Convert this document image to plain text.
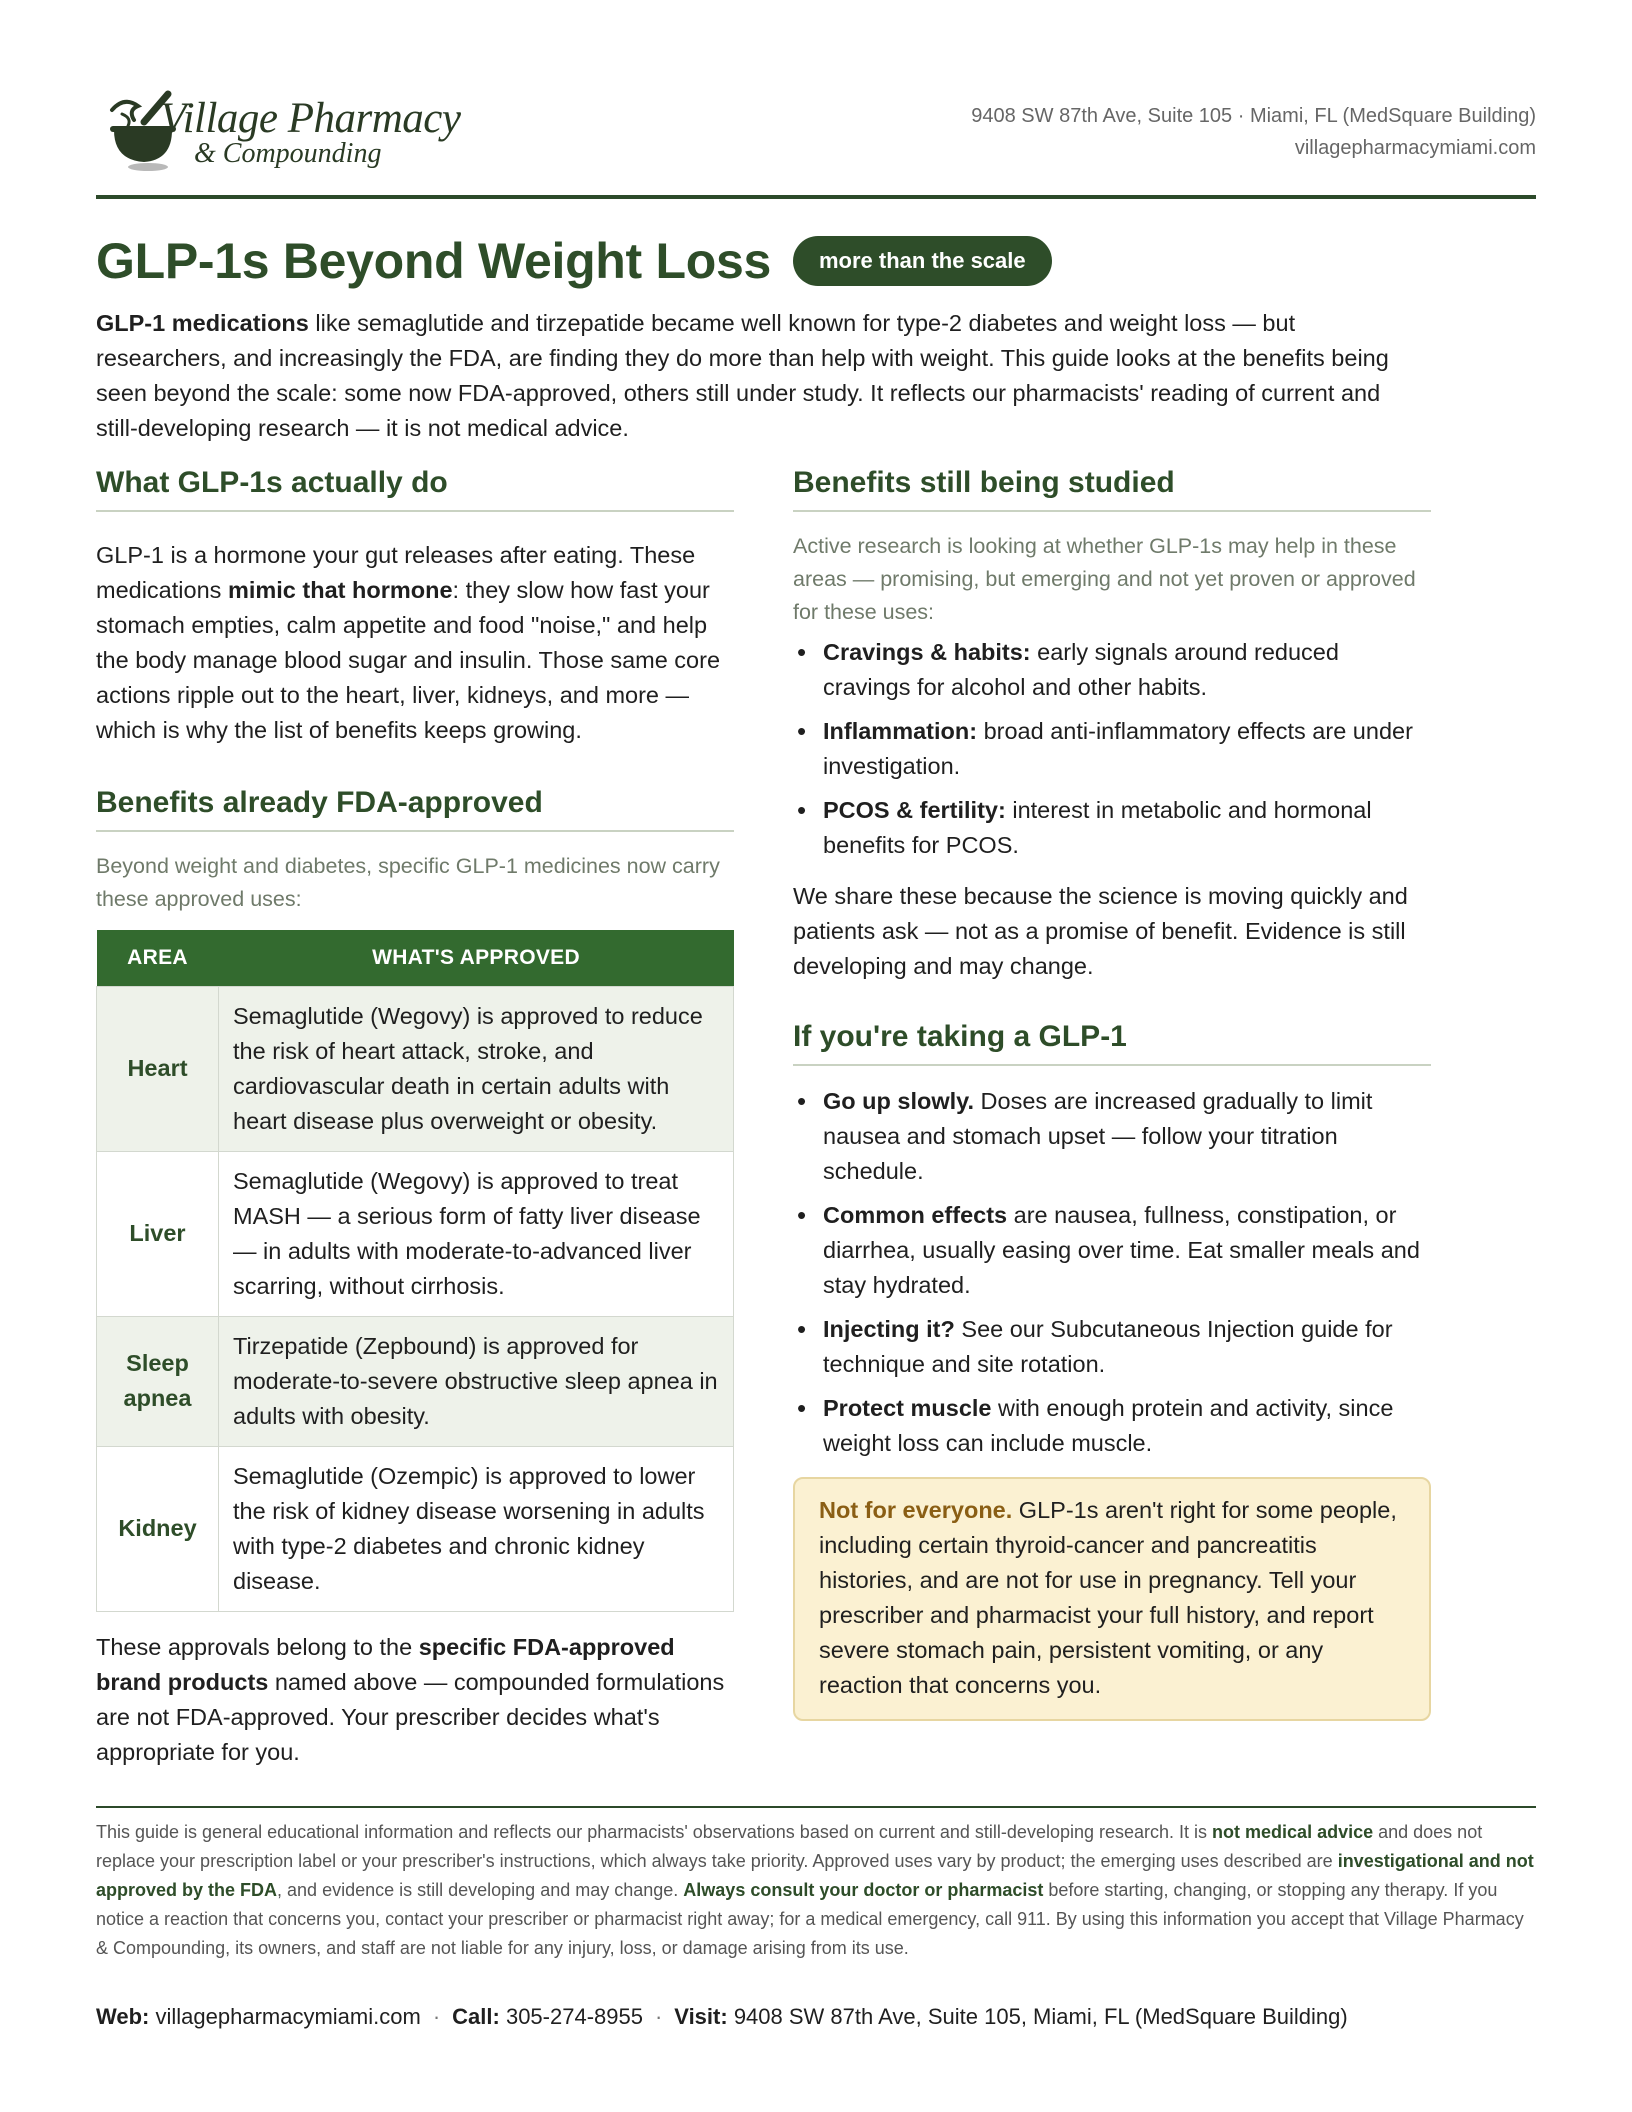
Village Pharmacy
& Compounding
9408 SW 87th Ave, Suite 105 · Miami, FL (MedSquare Building)
villagepharmacymiami.com
GLP-1s Beyond Weight Loss	more than the scale

GLP-1 medications like semaglutide and tirzepatide became well known for type-2 diabetes and weight loss — but researchers, and increasingly the FDA, are finding they do more than help with weight. This guide looks at the benefits being seen beyond the scale: some now FDA-approved, others still under study. It reflects our pharmacists' reading of current and still-developing research — it is not medical advice.

What GLP-1s actually do

GLP-1 is a hormone your gut releases after eating. These medications mimic that hormone: they slow how fast your stomach empties, calm appetite and food "noise," and help the body manage blood sugar and insulin. Those same core actions ripple out to the heart, liver, kidneys, and more — which is why the list of benefits keeps growing.

Benefits already FDA-approved

Beyond weight and diabetes, specific GLP-1 medicines now carry these approved uses:

AREA	WHAT'S APPROVED
Heart	Semaglutide (Wegovy) is approved to reduce the risk of heart attack, stroke, and cardiovascular death in certain adults with heart disease plus overweight or obesity.
Liver	Semaglutide (Wegovy) is approved to treat MASH — a serious form of fatty liver disease — in adults with moderate-to-advanced liver scarring, without cirrhosis.
Sleep apnea	Tirzepatide (Zepbound) is approved for moderate-to-severe obstructive sleep apnea in adults with obesity.
Kidney	Semaglutide (Ozempic) is approved to lower the risk of kidney disease worsening in adults with type-2 diabetes and chronic kidney disease.

These approvals belong to the specific FDA-approved brand products named above — compounded formulations are not FDA-approved. Your prescriber decides what's appropriate for you.

Benefits still being studied

Active research is looking at whether GLP-1s may help in these areas — promising, but emerging and not yet proven or approved for these uses:

• Cravings & habits: early signals around reduced cravings for alcohol and other habits.
• Inflammation: broad anti-inflammatory effects are under investigation.
• PCOS & fertility: interest in metabolic and hormonal benefits for PCOS.

We share these because the science is moving quickly and patients ask — not as a promise of benefit. Evidence is still developing and may change.

If you're taking a GLP-1
• Go up slowly. Doses are increased gradually to limit nausea and stomach upset — follow your titration schedule.
• Common effects are nausea, fullness, constipation, or diarrhea, usually easing over time. Eat smaller meals and stay hydrated.
• Injecting it? See our Subcutaneous Injection guide for technique and site rotation.
• Protect muscle with enough protein and activity, since weight loss can include muscle.
Not for everyone. GLP-1s aren't right for some people, including certain thyroid-cancer and pancreatitis histories, and are not for use in pregnancy. Tell your prescriber and pharmacist your full history, and report severe stomach pain, persistent vomiting, or any reaction that concerns you.

This guide is general educational information and reflects our pharmacists' observations based on current and still-developing research. It is not medical advice and does not replace your prescription label or your prescriber's instructions, which always take priority. Approved uses vary by product; the emerging uses described are investigational and not approved by the FDA, and evidence is still developing and may change. Always consult your doctor or pharmacist before starting, changing, or stopping any therapy. If you notice a reaction that concerns you, contact your prescriber or pharmacist right away; for a medical emergency, call 911. By using this information you accept that Village Pharmacy & Compounding, its owners, and staff are not liable for any injury, loss, or damage arising from its use.

Web: villagepharmacymiami.com · Call: 305-274-8955 · Visit: 9408 SW 87th Ave, Suite 105, Miami, FL (MedSquare Building)
